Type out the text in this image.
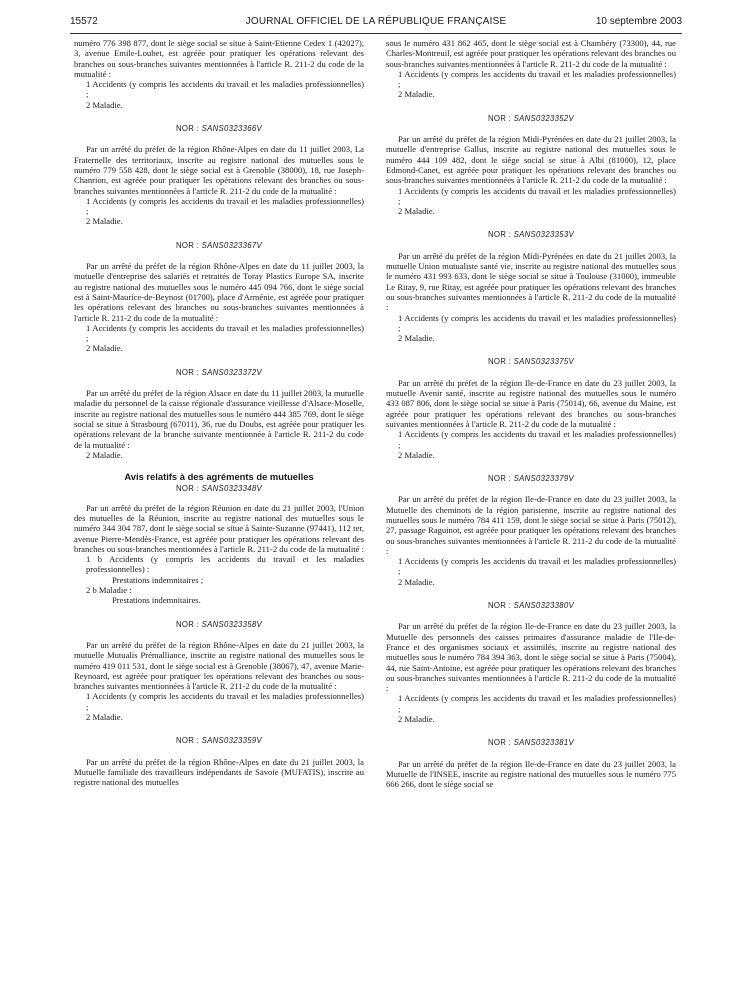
15572	JOURNAL OFFICIEL DE LA RÉPUBLIQUE FRANÇAISE	10 septembre 2003

numéro 776 398 877, dont le siège social se situe à Saint-Etienne Cedex 1 (42027), 3, avenue Emile-Loubet, est agréée pour pratiquer les opérations relevant des branches ou sous-branches suivantes mentionnées à l'article R. 211-2 du code de la mutualité :

1 Accidents (y compris les accidents du travail et les maladies professionnelles) ;

2 Maladie.

NOR : SANS0323366V

Par un arrêté du préfet de la région Rhône-Alpes en date du 11 juillet 2003, La Fraternelle des territoriaux, inscrite au registre national des mutuelles sous le numéro 779 558 428, dont le siège social est à Grenoble (38000), 18, rue Joseph-Chanrion, est agréée pour pratiquer les opérations relevant des branches ou sous-branches suivantes mentionnées à l'article R. 211-2 du code de la mutualité :

1 Accidents (y compris les accidents du travail et les maladies professionnelles) ;

2 Maladie.

NOR : SANS0323367V

Par un arrêté du préfet de la région Rhône-Alpes en date du 11 juillet 2003, la mutuelle d'entreprise des salariés et retraités de Toray Plastics Europe SA, inscrite au registre national des mutuelles sous le numéro 445 094 766, dont le siège social est à Saint-Maurice-de-Beynost (01700), place d'Arménie, est agréée pour pratiquer les opérations relevant des branches ou sous-branches suivantes mentionnées à l'article R. 211-2 du code de la mutualité :

1 Accidents (y compris les accidents du travail et les maladies professionnelles) ;

2 Maladie.

NOR : SANS0323372V

Par un arrêté du préfet de la région Alsace en date du 11 juillet 2003, la mutuelle maladie du personnel de la caisse régionale d'assurance vieillesse d'Alsace-Moselle, inscrite au registre national des mutuelles sous le numéro 444 385 769, dont le siège social se situe à Strasbourg (67011), 36, rue du Doubs, est agréée pour pratiquer les opérations relevant de la branche suivante mentionnée à l'article R. 211-2 du code de la mutualité :

2 Maladie.

Avis relatifs à des agréments de mutuelles

NOR : SANS0323348V

Par un arrêté du préfet de la région Réunion en date du 21 juillet 2003, l'Union des mutuelles de la Réunion, inscrite au registre national des mutuelles sous le numéro 344 304 787, dont le siège social se situe à Sainte-Suzanne (97441), 112 ter, avenue Pierre-Mendès-France, est agréée pour pratiquer les opérations relevant des branches ou sous-branches mentionnées à l'article R. 211-2 du code de la mutualité :

1 b Accidents (y compris les accidents du travail et les maladies professionnelles) :

Prestations indemnitaires ;

2 b Maladie :

Prestations indemnitaires.

NOR : SANS0323358V

Par un arrêté du préfet de la région Rhône-Alpes en date du 21 juillet 2003, la mutuelle Mutualis Prémalliance, inscrite au registre national des mutuelles sous le numéro 419 011 531, dont le siège social est à Grenoble (38067), 47, avenue Marie-Reynoard, est agréée pour pratiquer les opérations relevant des branches ou sous-branches suivantes mentionnées à l'article R. 211-2 du code de la mutualité :

1 Accidents (y compris les accidents du travail et les maladies professionnelles) ;

2 Maladie.

NOR : SANS0323359V

Par un arrêté du préfet de la région Rhône-Alpes en date du 21 juillet 2003, la Mutuelle familiale des travailleurs indépendants de Savoie (MUFATIS), inscrite au registre national des mutuelles

sous le numéro 431 862 465, dont le siège social est à Chambéry (73300), 44, rue Charles-Montreuil, est agréée pour pratiquer les opérations relevant des branches ou sous-branches suivantes mentionnées à l'article R. 211-2 du code de la mutualité :

1 Accidents (y compris les accidents du travail et les maladies professionnelles) ;

2 Maladie.

NOR : SANS0323352V

Par un arrêté du préfet de la région Midi-Pyrénées en date du 21 juillet 2003, la mutuelle d'entreprise Gallus, inscrite au registre national des mutuelles sous le numéro 444 109 482, dont le siège social se situe à Albi (81000), 12, place Edmond-Canet, est agréée pour pratiquer les opérations relevant des branches ou sous-branches suivantes mentionnées à l'article R. 211-2 du code de la mutualité :

1 Accidents (y compris les accidents du travail et les maladies professionnelles) ;

2 Maladie.

NOR : SANS0323353V

Par un arrêté du préfet de la région Midi-Pyrénées en date du 21 juillet 2003, la mutuelle Union mutualiste santé vie, inscrite au registre national des mutuelles sous le numéro 431 993 633, dont le siège social se situe à Toulouse (31000), immeuble Le Ritay, 9, rue Ritay, est agréée pour pratiquer les opérations relevant des branches ou sous-branches suivantes mentionnées à l'article R. 211-2 du code de la mutualité :

1 Accidents (y compris les accidents du travail et les maladies professionnelles) ;

2 Maladie.

NOR : SANS0323375V

Par un arrêté du préfet de la région Ile-de-France en date du 23 juillet 2003, la mutuelle Avenir santé, inscrite au registre national des mutuelles sous le numéro 433 087 806, dont le siège social se situe à Paris (75014), 66, avenue du Maine, est agréée pour pratiquer les opérations relevant des branches ou sous-branches suivantes mentionnées à l'article R. 211-2 du code de la mutualité :

1 Accidents (y compris les accidents du travail et les maladies professionnelles) ;

2 Maladie.

NOR : SANS0323379V

Par un arrêté du préfet de la région Ile-de-France en date du 23 juillet 2003, la Mutuelle des cheminots de la région parisienne, inscrite au registre national des mutuelles sous le numéro 784 411 159, dont le siège social se situe à Paris (75012), 27, passage Raguinot, est agréée pour pratiquer les opérations relevant des branches ou sous-branches suivantes mentionnées à l'article R. 211-2 du code de la mutualité :

1 Accidents (y compris les accidents du travail et les maladies professionnelles) ;

2 Maladie.

NOR : SANS0323380V

Par un arrêté du préfet de la région Ile-de-France en date du 23 juillet 2003, la Mutuelle des personnels des caisses primaires d'assurance maladie de l'Ile-de-France et des organismes sociaux et assimilés, inscrite au registre national des mutuelles sous le numéro 784 394 363, dont le siège social se situe à Paris (75004), 44, rue Saint-Antoine, est agréée pour pratiquer les opérations relevant des branches ou sous-branches suivantes mentionnées à l'article R. 211-2 du code de la mutualité :

1 Accidents (y compris les accidents du travail et les maladies professionnelles) ;

2 Maladie.

NOR : SANS0323381V

Par un arrêté du préfet de la région Ile-de-France en date du 23 juillet 2003, la Mutuelle de l'INSEE, inscrite au registre national des mutuelles sous le numéro 775 666 266, dont le siège social se
